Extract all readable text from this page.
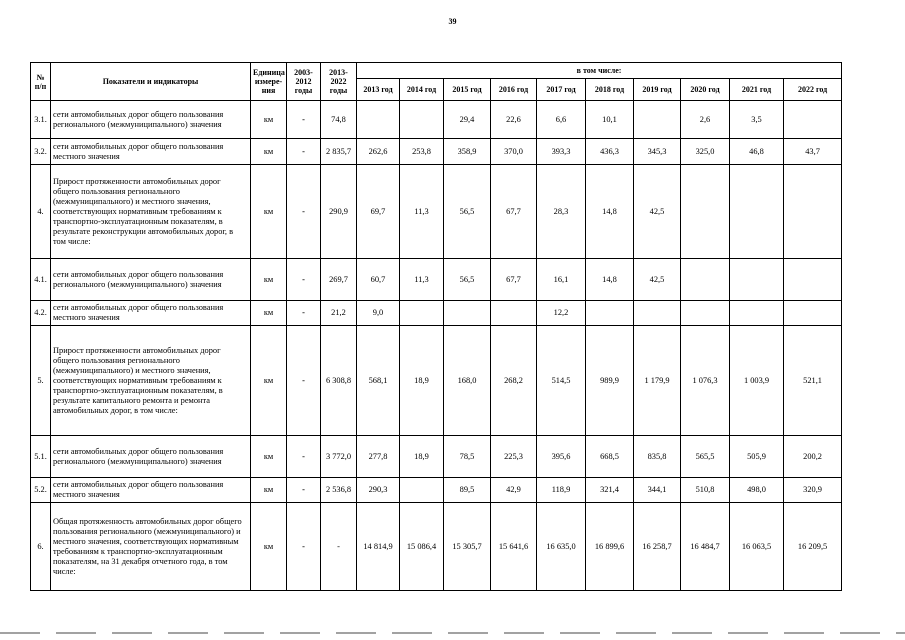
39
№
п/п	Показатели и индикаторы	Единица
измере-
ния	2003-
2012
годы	2013-
2022
годы	в том числе:									
					2013 год	2014 год	2015 год	2016 год	2017 год	2018 год	2019 год	2020 год	2021 год	2022 год
3.1.	сети автомобильных дорог общего пользования регионального (межмуниципального) значения	км	-	74,8			29,4	22,6	6,6	10,1		2,6	3,5	
3.2.	сети автомобильных дорог общего пользования местного значения	км	-	2 835,7	262,6	253,8	358,9	370,0	393,3	436,3	345,3	325,0	46,8	43,7
4.	Прирост протяженности автомобильных дорог общего пользования регионального (межмуниципального) и местного значения, соответствующих нормативным требованиям к транспортно-эксплуатационным показателям, в результате реконструкции автомобильных дорог, в том числе:	км	-	290,9	69,7	11,3	56,5	67,7	28,3	14,8	42,5			
4.1.	сети автомобильных дорог общего пользования регионального (межмуниципального) значения	км	-	269,7	60,7	11,3	56,5	67,7	16,1	14,8	42,5			
4.2.	сети автомобильных дорог общего пользования местного значения	км	-	21,2	9,0				12,2					
5.	Прирост протяженности автомобильных дорог общего пользования регионального (межмуниципального) и местного значения, соответствующих нормативным требованиям к транспортно-эксплуатационным показателям, в результате капитального ремонта и ремонта автомобильных дорог, в том числе:	км	-	6 308,8	568,1	18,9	168,0	268,2	514,5	989,9	1 179,9	1 076,3	1 003,9	521,1
5.1.	сети автомобильных дорог общего пользования регионального (межмуниципального) значения	км	-	3 772,0	277,8	18,9	78,5	225,3	395,6	668,5	835,8	565,5	505,9	200,2
5.2.	сети автомобильных дорог общего пользования местного значения	км	-	2 536,8	290,3		89,5	42,9	118,9	321,4	344,1	510,8	498,0	320,9
6.	Общая протяженность автомобильных дорог общего пользования регионального (межмуниципального) и местного значения, соответствующих нормативным требованиям к транспортно-эксплуатационным показателям, на 31 декабря отчетного года, в том числе:	км	-	-	14 814,9	15 086,4	15 305,7	15 641,6	16 635,0	16 899,6	16 258,7	16 484,7	16 063,5	16 209,5
